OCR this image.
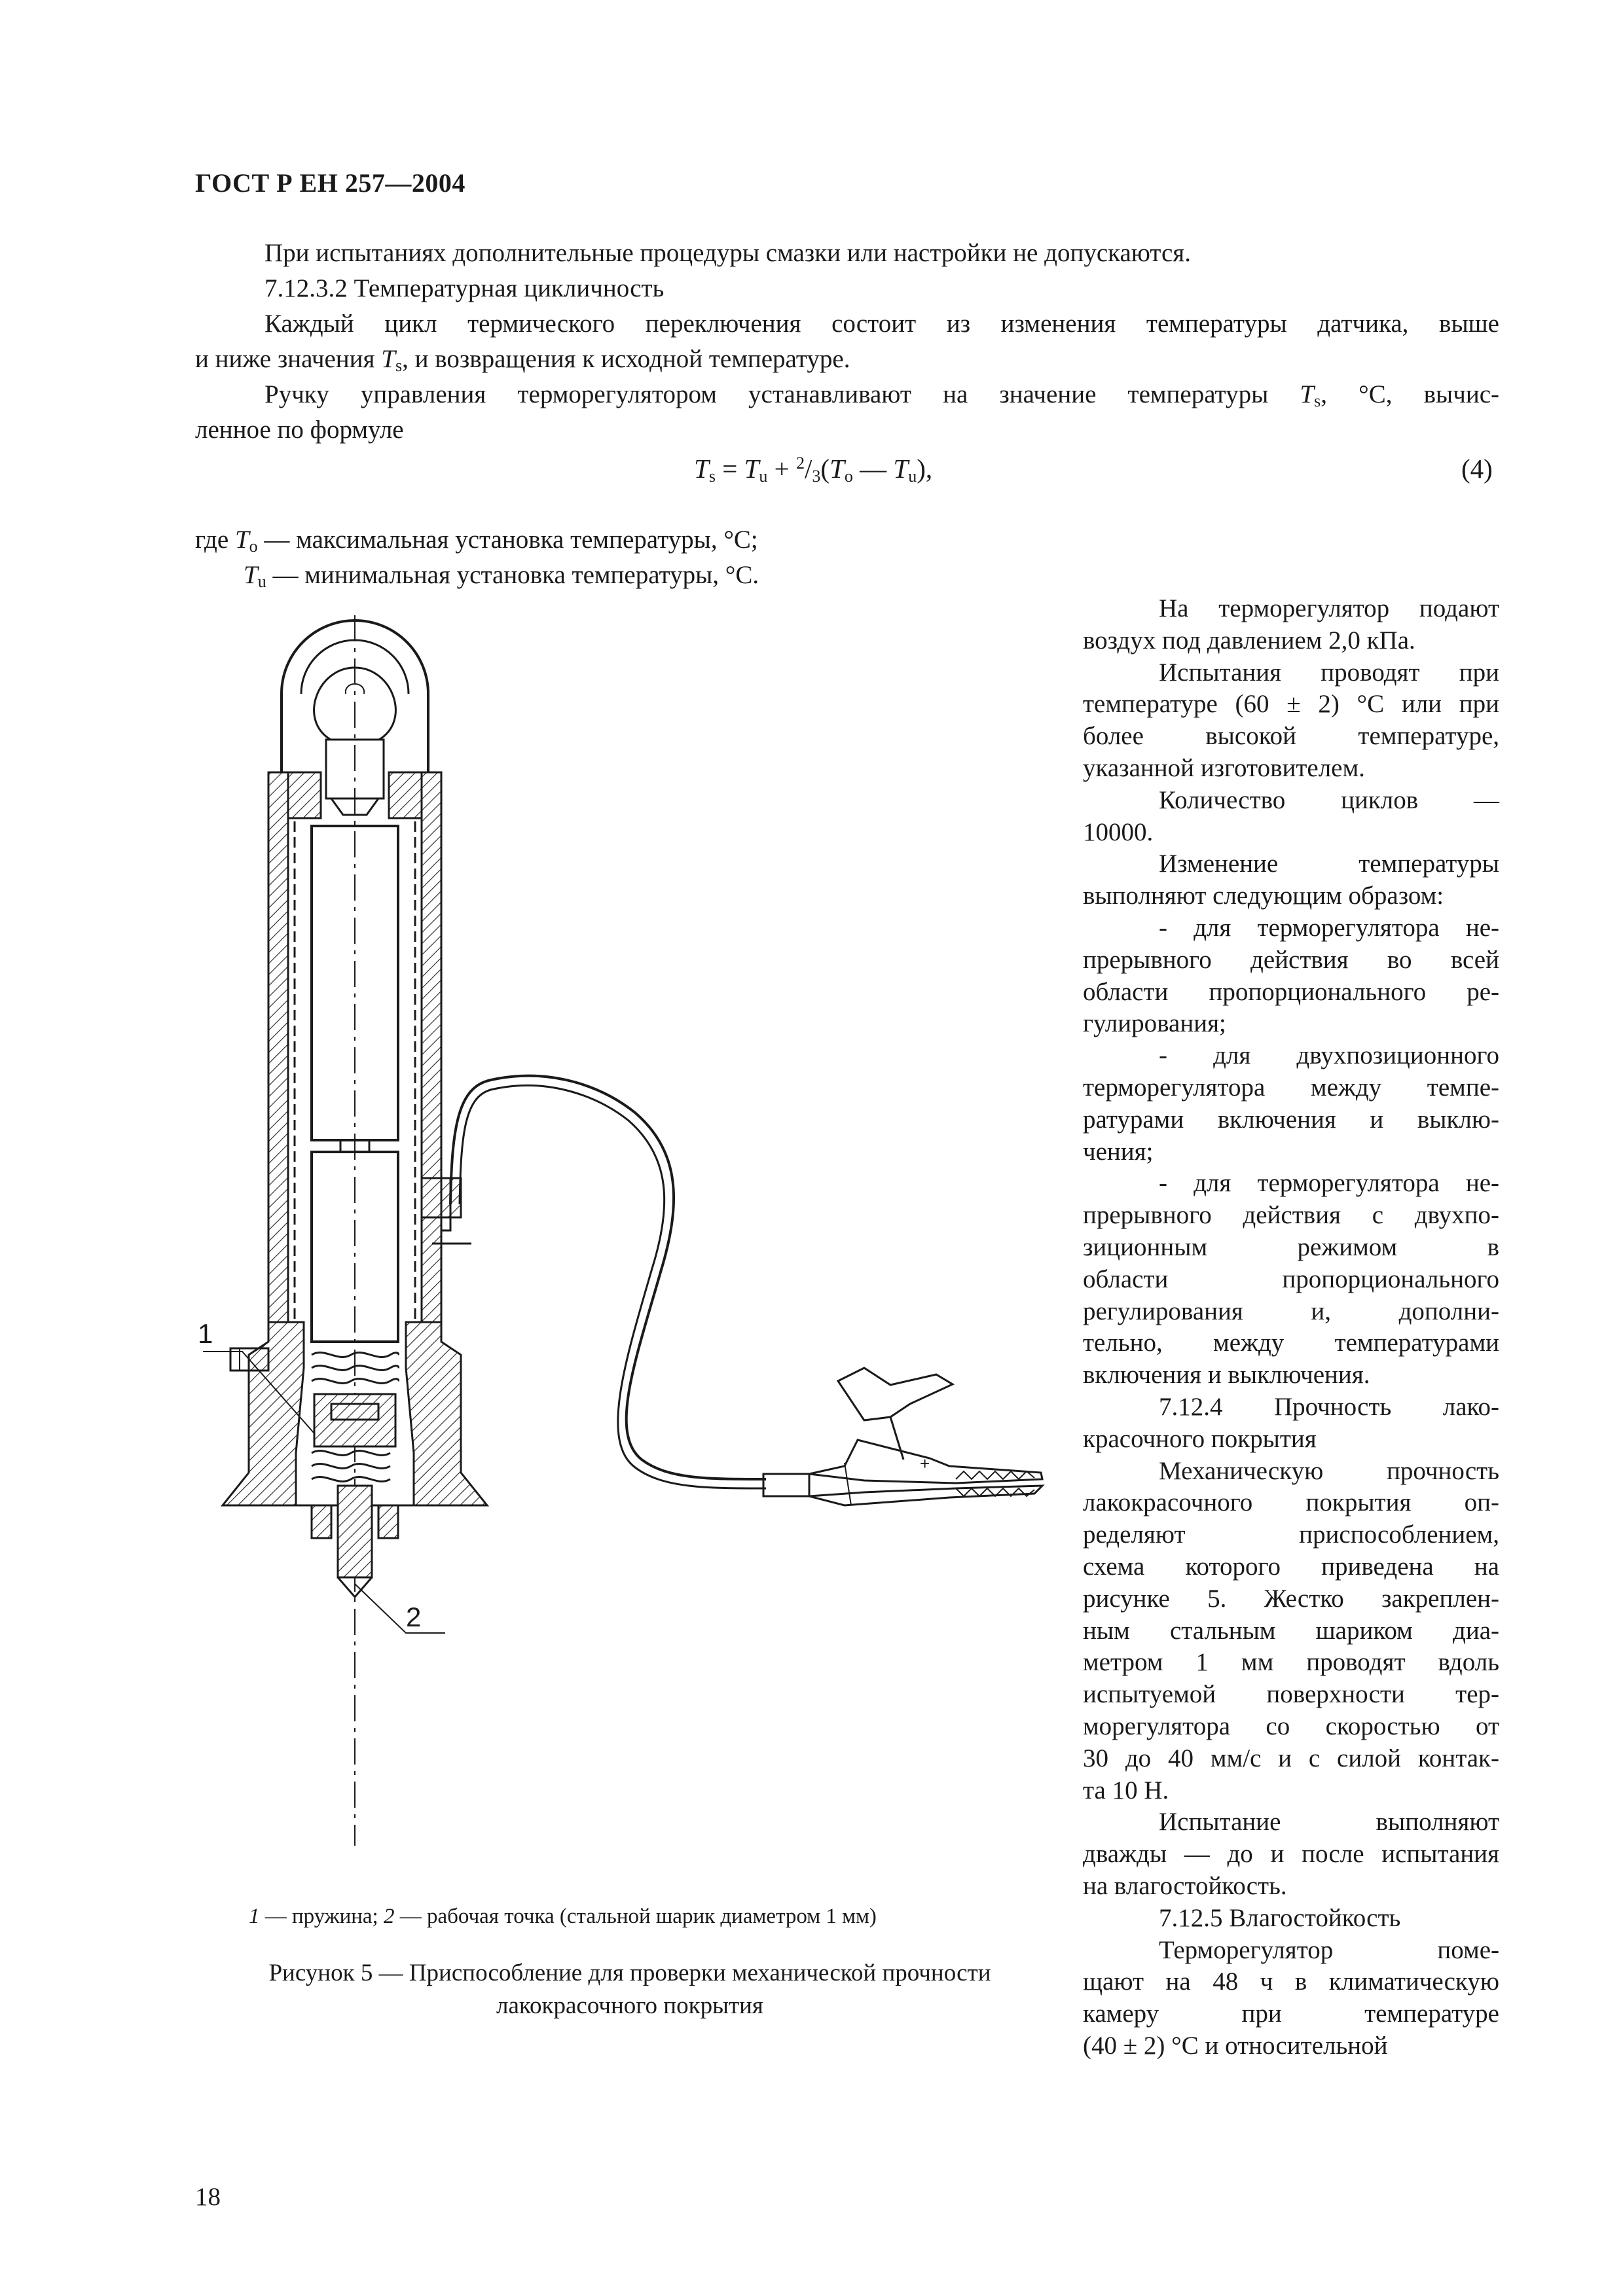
ГОСТ Р ЕН 257—2004
При испытаниях дополнительные процедуры смазки или настройки не допускаются.
7.12.3.2 Температурная цикличность
Каждый цикл термического переключения состоит из изменения температуры датчика, выше
и ниже значения $T_s$, и возвращения к исходной температуре.
Ручку управления терморегулятором устанавливают на значение температуры $T_s$, °С, вычис-
ленное по формуле
$T_s = T_u + ^2/_3(T_o$ — $T_u$),	(4)
где $T_o$ — максимальная установка температуры, °С;
$T_u$ — минимальная установка температуры, °С.
На терморегулятор подают
воздух под давлением 2,0 кПа.
Испытания проводят при
температуре (60 ± 2) °С или при
более высокой температуре,
указанной изготовителем.
Количество циклов —
10000.
Изменение температуры
выполняют следующим образом:
- для терморегулятора не-
прерывного действия во всей
области пропорционального ре-
гулирования;
- для двухпозиционного
терморегулятора между темпе-
ратурами включения и выклю-
чения;
- для терморегулятора не-
прерывного действия с двухпо-
зиционным режимом в
области пропорционального
регулирования и, дополни-
тельно, между температурами
включения и выключения.
7.12.4 Прочность лако-
красочного покрытия
Механическую прочность
лакокрасочного покрытия оп-
ределяют приспособлением,
схема которого приведена на
рисунке 5. Жестко закреплен-
ным стальным шариком диа-
метром 1 мм проводят вдоль
испытуемой поверхности тер-
морегулятора со скоростью от
30 до 40 мм/с и с силой контак-
та 10 Н.
Испытание выполняют
дважды — до и после испытания
на влагостойкость.
7.12.5 Влагостойкость
Терморегулятор поме-
щают на 48 ч в климатическую
камеру при температуре
(40 ± 2) °С и относительной
1
2
+
1 — пружина; 2 — рабочая точка (стальной шарик диаметром 1 мм)
Рисунок 5 — Приспособление для проверки механической прочности
лакокрасочного покрытия
18
